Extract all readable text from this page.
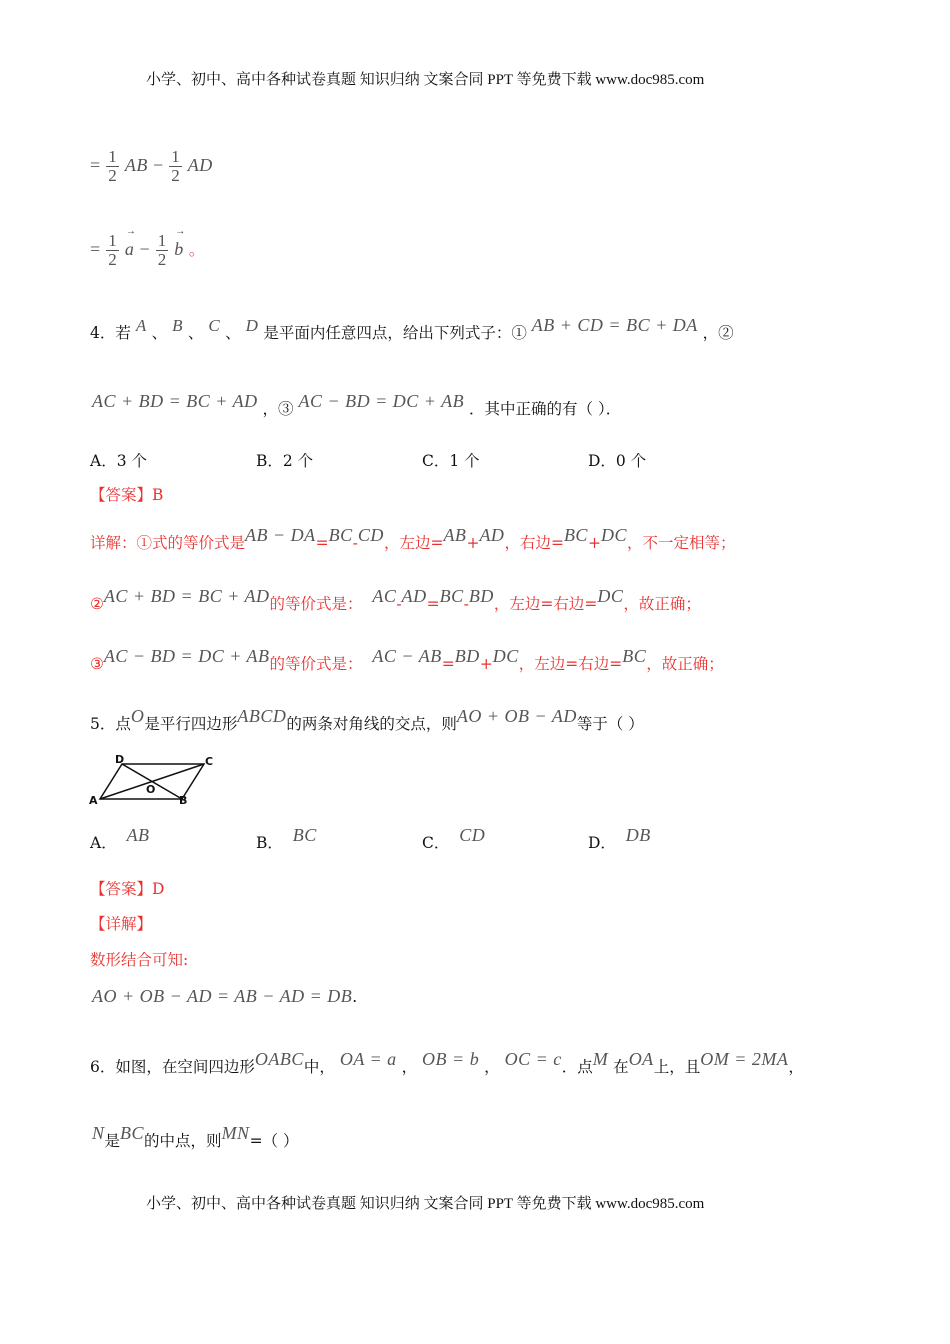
小学、初中、高中各种试卷真题 知识归纳 文案合同 PPT 等免费下载 www.doc985.com
= $\frac{1}{2}$ AB − $\frac{1}{2}$ AD
= $\frac{1}{2}$
→ $a - \frac{1}{2}$
→ b 。
4．若 A 、 B 、 C 、 D 是平面内任意四点，给出下列式子：① AB + CD = BC + DA ，②
AC + BD = BC + AD ，③ AC − BD = DC + AB ．其中正确的有（ ）．
A．3 个	B．2 个	C．1 个	D．0 个
【答案】B
详解：①式的等价式是AB − DA=BC-CD，左边=AB+AD，右边=BC+DC，不一定相等；
②AC + BD = BC + AD的等价式是： AC-AD=BC-BD，左边=右边=DC，故正确；
③AC − BD = DC + AB的等价式是： AC − AB=BD+DC，左边=右边=BC，故正确；
5．点O是平行四边形ABCD的两条对角线的交点，则AO + OB − AD等于（ ）
D	C
A	B
O
A． AB	B． BC	C． CD	D． DB
【答案】D
【详解】
数形结合可知:
AO + OB − AD = AB − AD = DB.
6．如图，在空间四边形OABC中， OA = a ， OB = b ， OC = c．点M 在OA上，且OM = 2MA，
N是BC的中点，则MN=（ ）
小学、初中、高中各种试卷真题 知识归纳 文案合同 PPT 等免费下载 www.doc985.com
